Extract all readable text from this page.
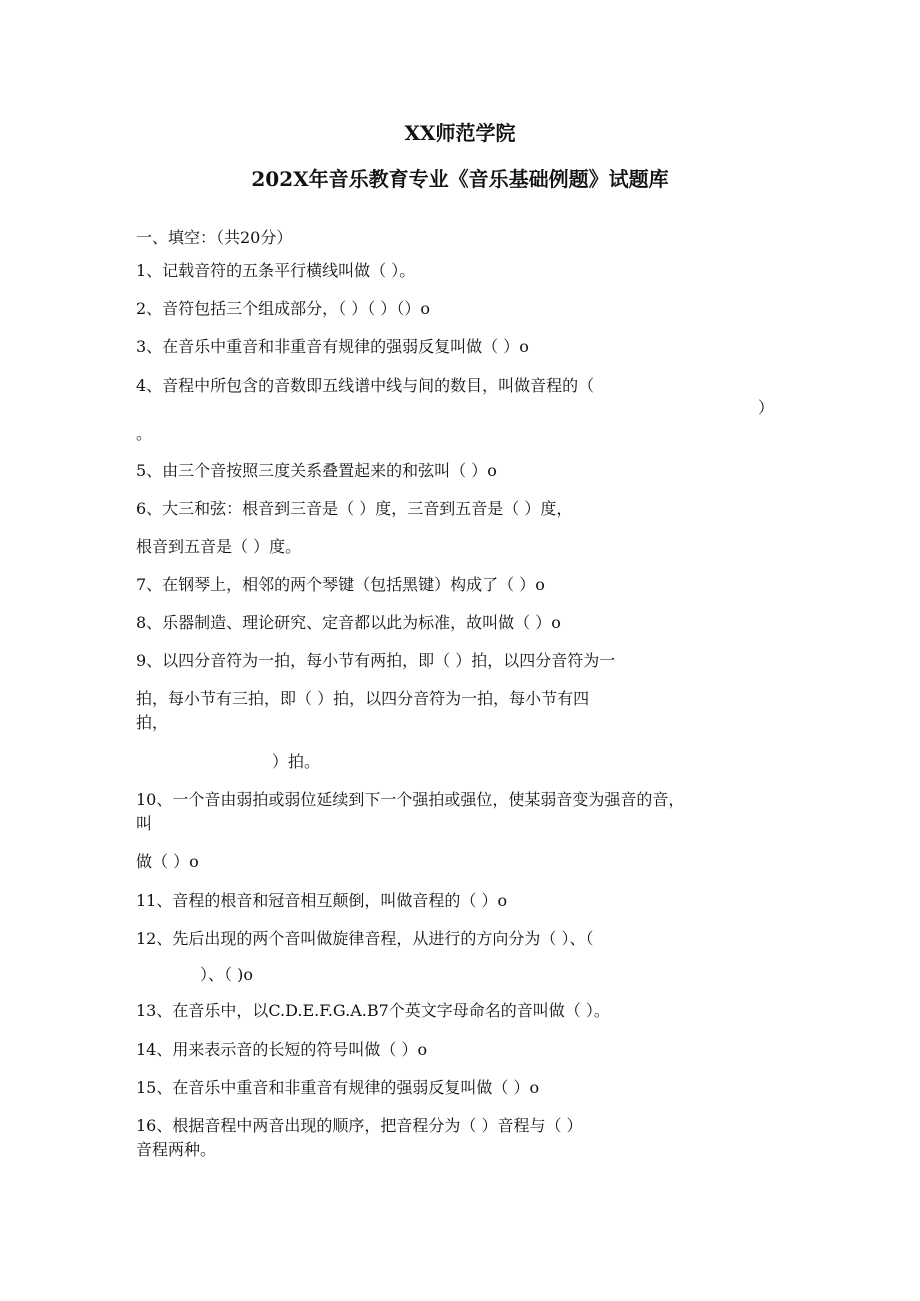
XX师范学院
202X年音乐教育专业《音乐基础例题》试题库
一、填空：（共20分）
1、记载音符的五条平行横线叫做（ ）。
2、音符包括三个组成部分，（ ）（ ）（）o
3、在音乐中重音和非重音有规律的强弱反复叫做（ ）o
4、音程中所包含的音数即五线谱中线与间的数目，叫做音程的（
）
。
5、由三个音按照三度关系叠置起来的和弦叫（ ）o
6、大三和弦：根音到三音是（ ）度，三音到五音是（ ）度，
根音到五音是（ ）度。
7、在钢琴上，相邻的两个琴键（包括黑键）构成了（ ）o
8、乐器制造、理论研究、定音都以此为标准，故叫做（ ）o
9、以四分音符为一拍，每小节有两拍，即（ ）拍，以四分音符为一
拍，每小节有三拍，即（ ）拍，以四分音符为一拍，每小节有四
拍，
）拍。
10、一个音由弱拍或弱位延续到下一个强拍或强位，使某弱音变为强音的音，
叫
做（ ）o
11、音程的根音和冠音相互颠倒，叫做音程的（ ）o
12、先后出现的两个音叫做旋律音程，从进行的方向分为（ ）、（
）、（ )o
13、在音乐中，以C.D.E.F.G.A.B7个英文字母命名的音叫做（ ）。
14、用来表示音的长短的符号叫做（ ）o
15、在音乐中重音和非重音有规律的强弱反复叫做（ ）o
16、根据音程中两音出现的顺序，把音程分为（ ）音程与（ ）
音程两种。
